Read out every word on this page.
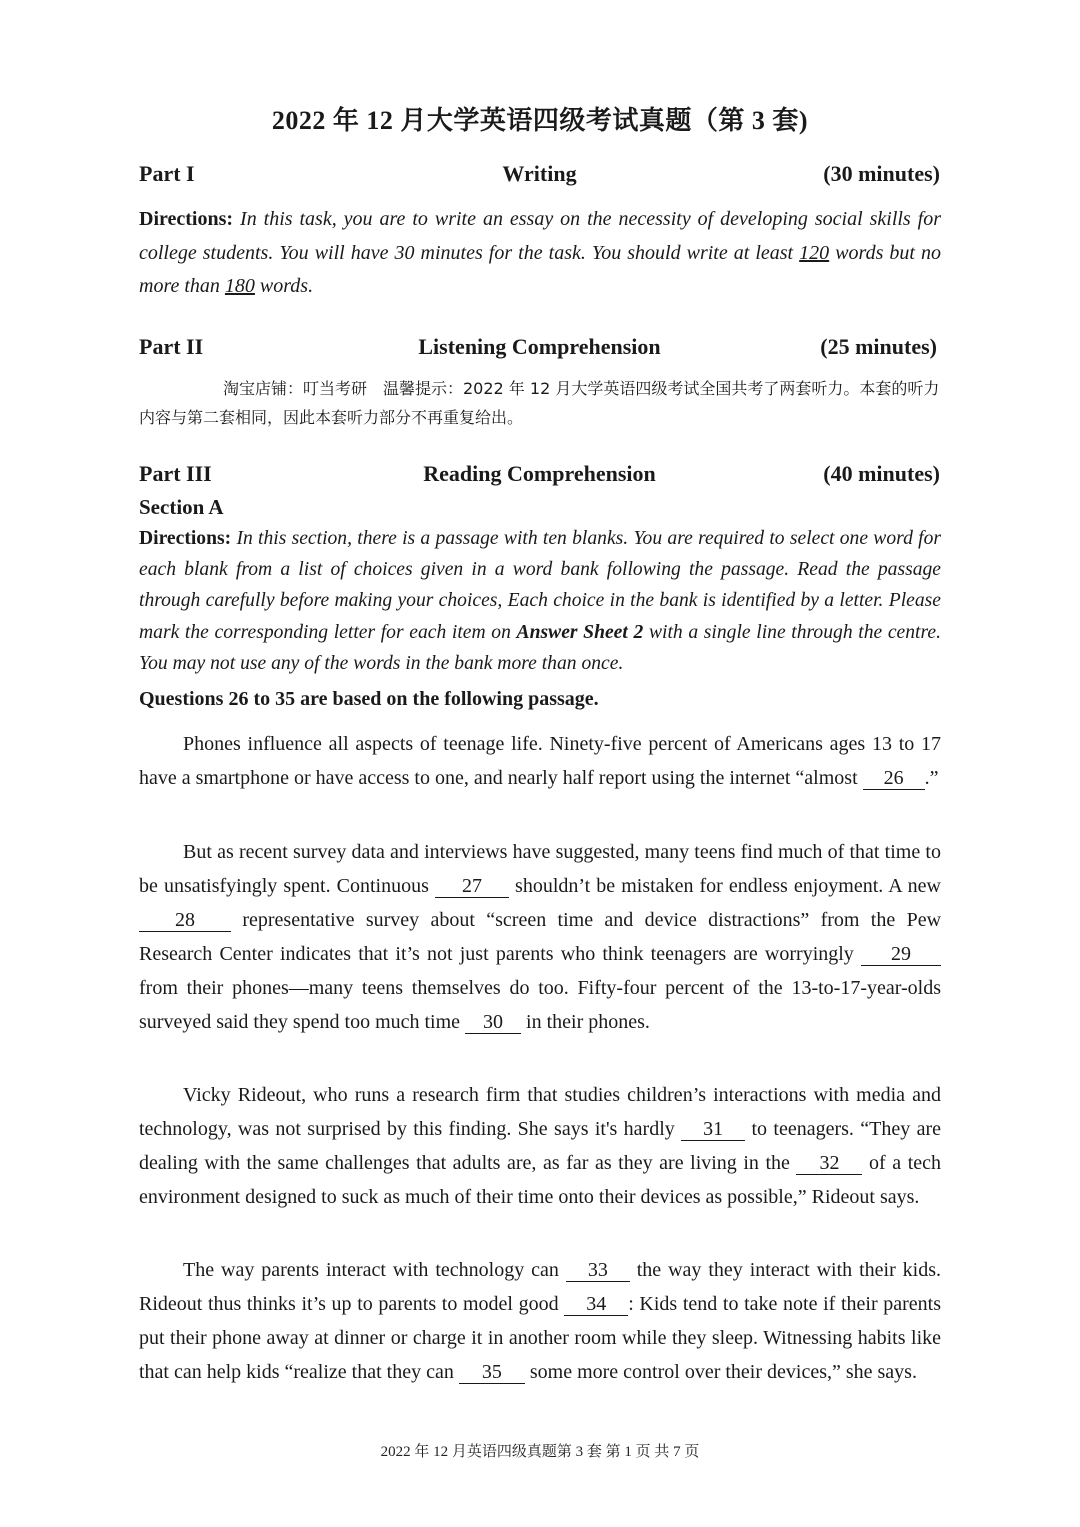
2022 年 12 月大学英语四级考试真题（第 3 套)
Writing
Part I	(30 minutes)
Directions: In this task, you are to write an essay on the necessity of developing social skills for college students. You will have 30 minutes for the task. You should write at least 120 words but no more than 180 words.
Listening Comprehension
Part II	(25 minutes)
淘宝店铺：叮当考研　温馨提示：2022 年 12 月大学英语四级考试全国共考了两套听力。本套的听力内容与第二套相同，因此本套听力部分不再重复给出。
Reading Comprehension
Part III	(40 minutes)
Section A
Directions: In this section, there is a passage with ten blanks. You are required to select one word for each blank from a list of choices given in a word bank following the passage. Read the passage through carefully before making your choices, Each choice in the bank is identified by a letter. Please mark the corresponding letter for each item on Answer Sheet 2 with a single line through the centre. You may not use any of the words in the bank more than once.
Questions 26 to 35 are based on the following passage.

Phones influence all aspects of teenage life. Ninety-five percent of Americans ages 13 to 17 have a smartphone or have access to one, and nearly half report using the internet “almost 26 .”

But as recent survey data and interviews have suggested, many teens find much of that time to be unsatisfyingly spent. Continuous 27 shouldn’t be mistaken for endless enjoyment. A new 28 representative survey about “screen time and device distractions” from the Pew Research Center indicates that it’s not just parents who think teenagers are worryingly 29 from their phones—many teens themselves do too. Fifty-four percent of the 13-to-17-year-olds surveyed said they spend too much time 30 in their phones.

Vicky Rideout, who runs a research firm that studies children’s interactions with media and technology, was not surprised by this finding. She says it's hardly 31 to teenagers. “They are dealing with the same challenges that adults are, as far as they are living in the 32 of a tech environment designed to suck as much of their time onto their devices as possible,” Rideout says.

The way parents interact with technology can 33 the way they interact with their kids. Rideout thus thinks it’s up to parents to model good 34 : Kids tend to take note if their parents put their phone away at dinner or charge it in another room while they sleep. Witnessing habits like that can help kids “realize that they can 35 some more control over their devices,” she says.

2022 年 12 月英语四级真题第 3 套 第 1 页 共 7 页
